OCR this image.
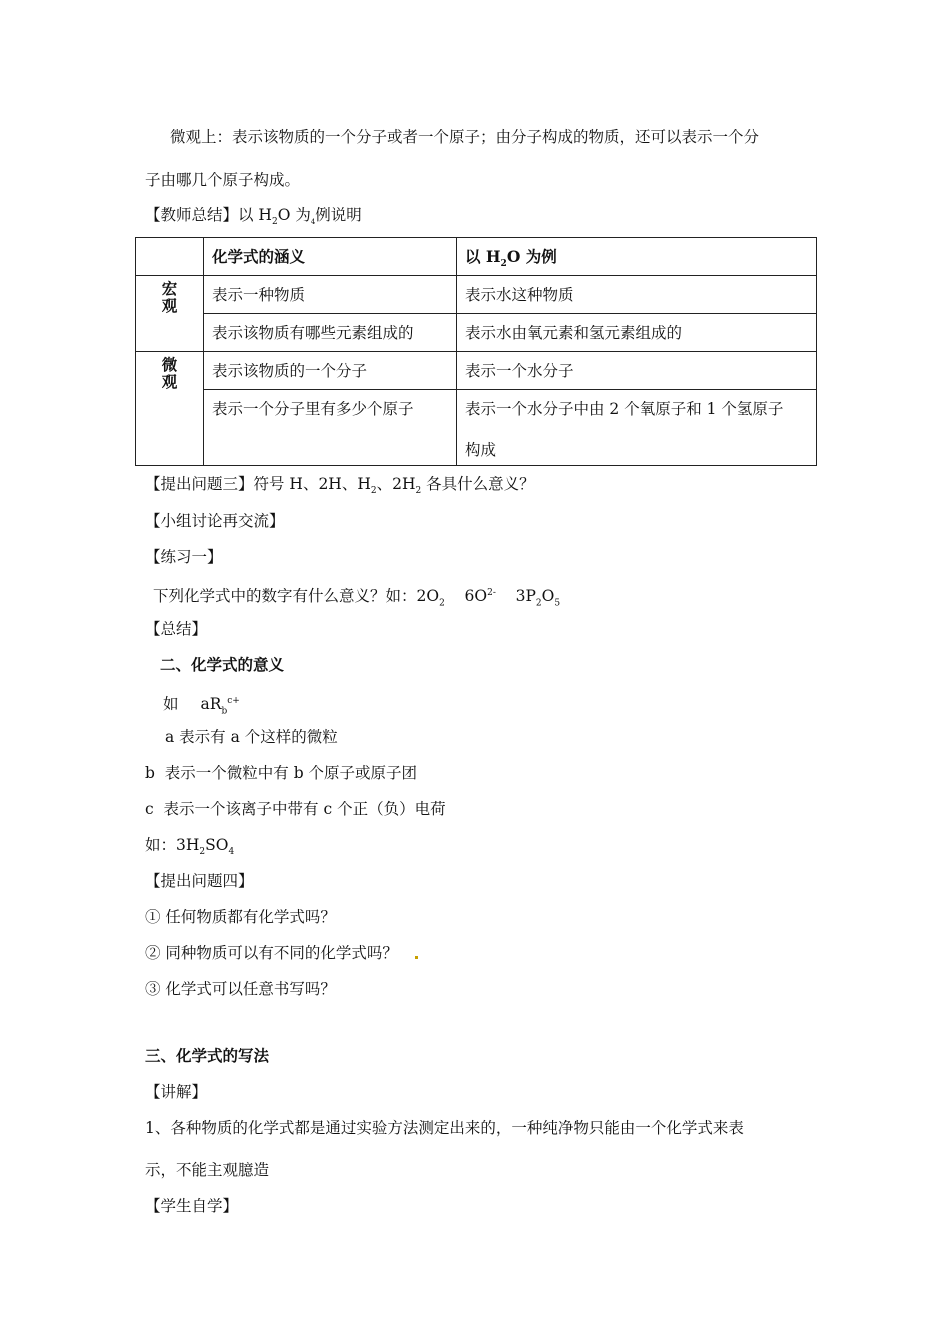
微观上：表示该物质的一个分子或者一个原子；由分子构成的物质，还可以表示一个分
子由哪几个原子构成。
【教师总结】以 $H_2O$ 为$_4$例说明

	化学式的涵义	以 $H_2O$ 为例

宏
观	表示一种物质	表示水这种物质

	表示该物质有哪些元素组成的	表示水由氧元素和氢元素组成的

微
观	表示该物质的一个分子	表示一个水分子

	表示一个分子里有多少个原子	表示一个水分子中由 2 个氧原子和 1 个氢原子
构成
【提出问题三】符号 H、2H、$H_2$、$2H_2$ 各具什么意义？
【小组讨论再交流】
【练习一】
下列化学式中的数字有什么意义？如：$2O_2$    $6O^{2-}$    $3P_2O_5$
【总结】
二、化学式的意义
如 $aR_b^{c+}$
a 表示有 a 个这样的微粒
b  表示一个微粒中有 b 个原子或原子团
c  表示一个该离子中带有 c 个正（负）电荷
如：$3H_2SO_4$
【提出问题四】
① 任何物质都有化学式吗？
② 同种物质可以有不同的化学式吗？
③ 化学式可以任意书写吗？
三、化学式的写法
【讲解】
1、各种物质的化学式都是通过实验方法测定出来的，一种纯净物只能由一个化学式来表
示，不能主观臆造
【学生自学】
